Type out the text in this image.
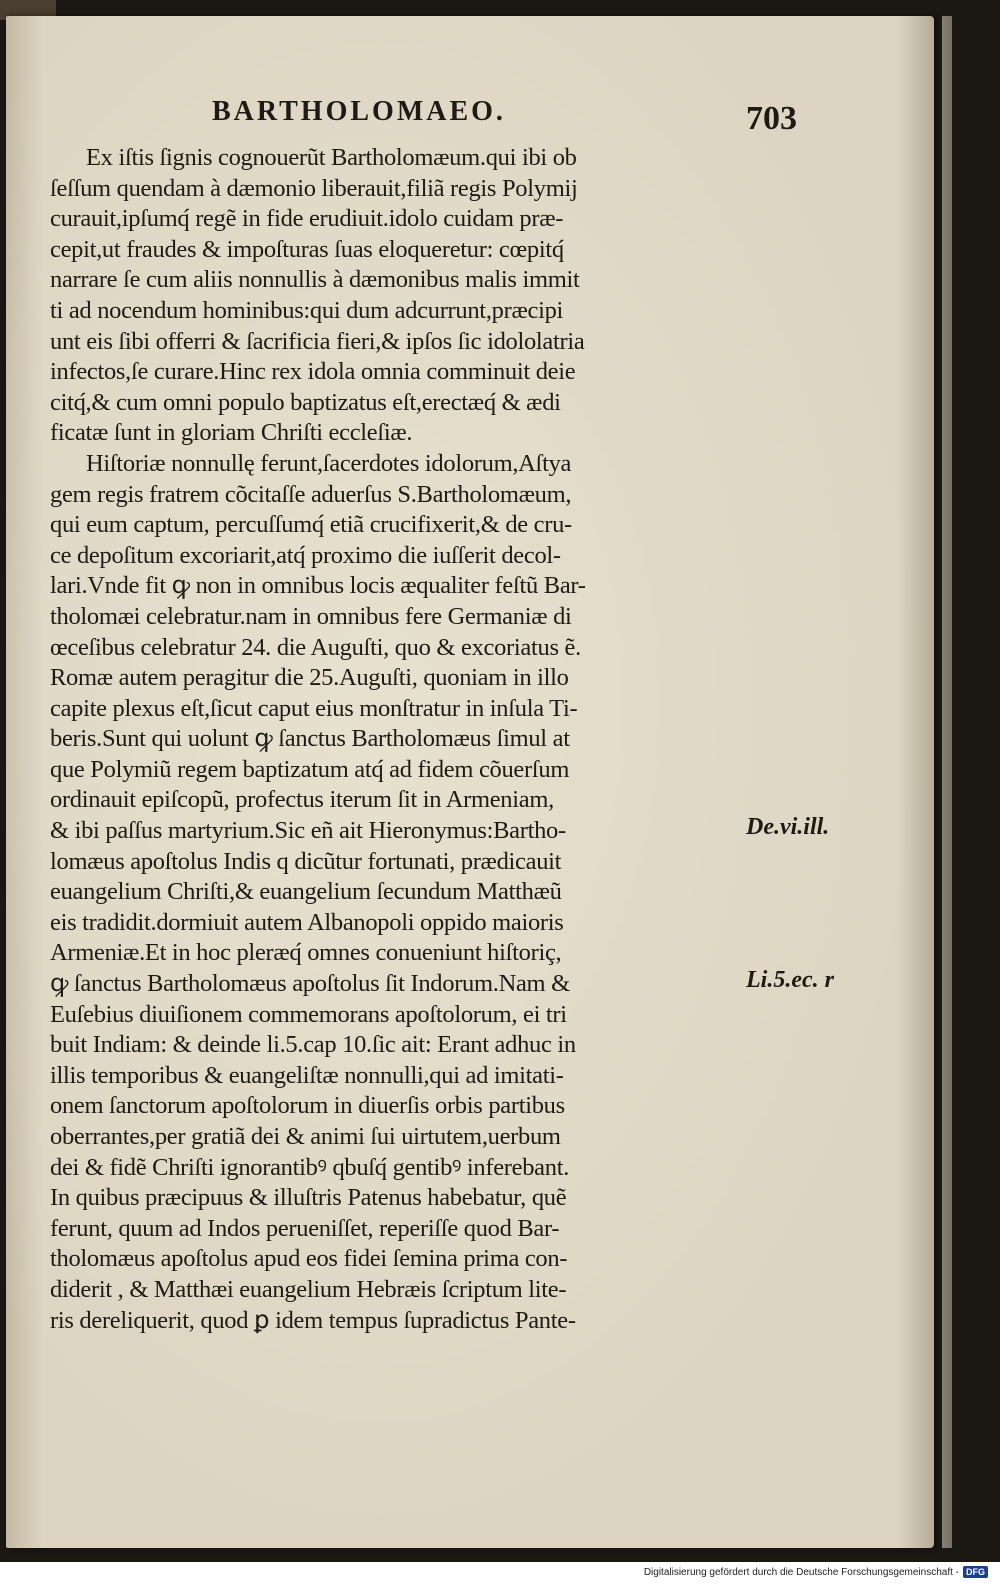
BARTHOLOMAEO.	703
Ex iſtis ſignis cognouerũt Bartholomæum.qui ibi ob
ſeſſum quendam à dæmonio liberauit,filiã regis Polymij
curauit,ipſumq́ regẽ in fide erudiuit.idolo cuidam præ-
cepit,ut fraudes & impoſturas ſuas eloqueretur: cœpitq́
narrare ſe cum aliis nonnullis à dæmonibus malis immit
ti ad nocendum hominibus:qui dum adcurrunt,præcipi
unt eis ſibi offerri & ſacrificia fieri,& ipſos ſic idololatria
infectos,ſe curare.Hinc rex idola omnia comminuit deie
citq́,& cum omni populo baptizatus eſt,erectæq́ & ædi
ficatæ ſunt in gloriam Chriſti eccleſiæ.
Hiſtoriæ nonnullę ferunt,ſacerdotes idolorum,Aſtya
gem regis fratrem cõcitaſſe aduerſus S.Bartholomæum,
qui eum captum, percuſſumq́ etiã crucifixerit,& de cru-
ce depoſitum excoriarit,atq́ proximo die iuſſerit decol-
lari.Vnde fit ꝙ non in omnibus locis æqualiter feſtũ Bar-
tholomæi celebratur.nam in omnibus fere Germaniæ di
œceſibus celebratur 24. die Auguſti, quo & excoriatus ẽ.
Romæ autem peragitur die 25.Auguſti, quoniam in illo
capite plexus eſt,ſicut caput eius monſtratur in inſula Ti-
beris.Sunt qui uolunt ꝙ ſanctus Bartholomæus ſimul at
que Polymiũ regem baptizatum atq́ ad fidem cõuerſum
ordinauit epiſcopũ, profectus iterum ſit in Armeniam,
& ibi paſſus martyrium.Sic eñ ait Hieronymus:Bartho-
lomæus apoſtolus Indis q dicũtur fortunati, prædicauit
euangelium Chriſti,& euangelium ſecundum Matthæũ
eis tradidit.dormiuit autem Albanopoli oppido maioris
Armeniæ.Et in hoc pleræq́ omnes conueniunt hiſtoriç,
ꝙ ſanctus Bartholomæus apoſtolus ſit Indorum.Nam &
Euſebius diuiſionem commemorans apoſtolorum, ei tri
buit Indiam: & deinde li.5.cap 10.ſic ait: Erant adhuc in
illis temporibus & euangeliſtæ nonnulli,qui ad imitati-
onem ſanctorum apoſtolorum in diuerſis orbis partibus
oberrantes,per gratiã dei & animi ſui uirtutem,uerbum
dei & fidẽ Chriſti ignorantibꝰ qbuſq́ gentibꝰ inferebant.
In quibus præcipuus & illuſtris Patenus habebatur, quẽ
ferunt, quum ad Indos perueniſſet, reperiſſe quod Bar-
tholomæus apoſtolus apud eos fidei ſemina prima con-
diderit , & Matthæi euangelium Hebræis ſcriptum lite-
ris dereliquerit, quod ꝑ idem tempus ſupradictus Pante-
De.vi.ill.
Li.5.ec. r
Digitalisierung gefördert durch die Deutsche Forschungsgemeinschaft - DFG
